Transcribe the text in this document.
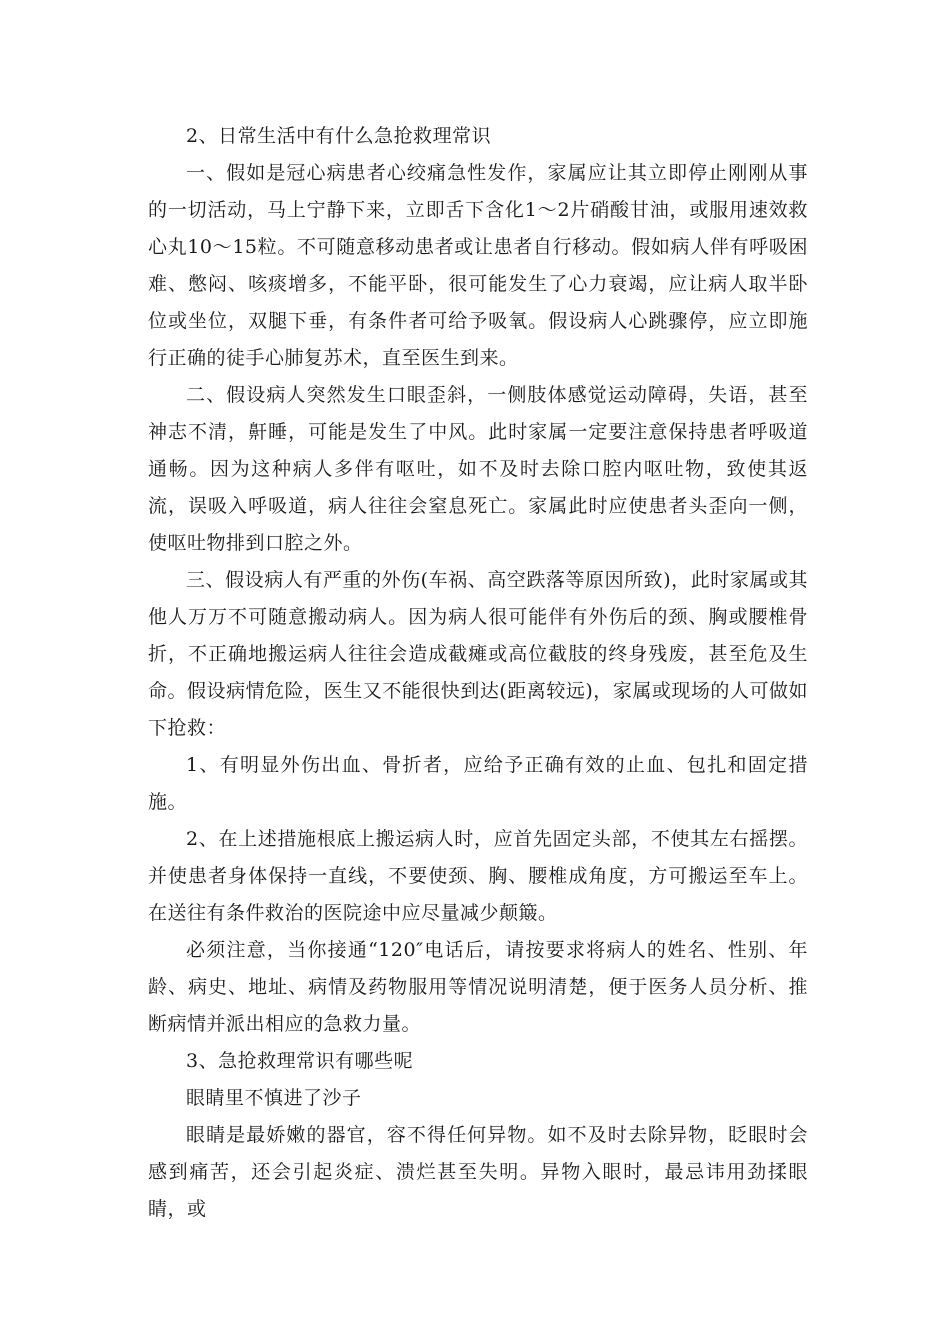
2、日常生活中有什么急抢救理常识

一、假如是冠心病患者心绞痛急性发作，家属应让其立即停止刚刚从事的一切活动，马上宁静下来，立即舌下含化1～2片硝酸甘油，或服用速效救心丸10～15粒。不可随意移动患者或让患者自行移动。假如病人伴有呼吸困难、憋闷、咳痰增多，不能平卧，很可能发生了心力衰竭，应让病人取半卧位或坐位，双腿下垂，有条件者可给予吸氧。假设病人心跳骤停，应立即施行正确的徒手心肺复苏术，直至医生到来。

二、假设病人突然发生口眼歪斜，一侧肢体感觉运动障碍，失语，甚至神志不清，鼾睡，可能是发生了中风。此时家属一定要注意保持患者呼吸道通畅。因为这种病人多伴有呕吐，如不及时去除口腔内呕吐物，致使其返流，误吸入呼吸道，病人往往会窒息死亡。家属此时应使患者头歪向一侧，使呕吐物排到口腔之外。

三、假设病人有严重的外伤(车祸、高空跌落等原因所致)，此时家属或其他人万万不可随意搬动病人。因为病人很可能伴有外伤后的颈、胸或腰椎骨折，不正确地搬运病人往往会造成截瘫或高位截肢的终身残废，甚至危及生命。假设病情危险，医生又不能很快到达(距离较远)，家属或现场的人可做如下抢救：

1、有明显外伤出血、骨折者，应给予正确有效的止血、包扎和固定措施。

2、在上述措施根底上搬运病人时，应首先固定头部，不使其左右摇摆。并使患者身体保持一直线，不要使颈、胸、腰椎成角度，方可搬运至车上。在送往有条件救治的医院途中应尽量减少颠簸。

必须注意，当你接通“120″电话后，请按要求将病人的姓名、性别、年龄、病史、地址、病情及药物服用等情况说明清楚，便于医务人员分析、推断病情并派出相应的急救力量。

3、急抢救理常识有哪些呢

眼睛里不慎进了沙子

眼睛是最娇嫩的器官，容不得任何异物。如不及时去除异物，眨眼时会感到痛苦，还会引起炎症、溃烂甚至失明。异物入眼时，最忌讳用劲揉眼睛，或
